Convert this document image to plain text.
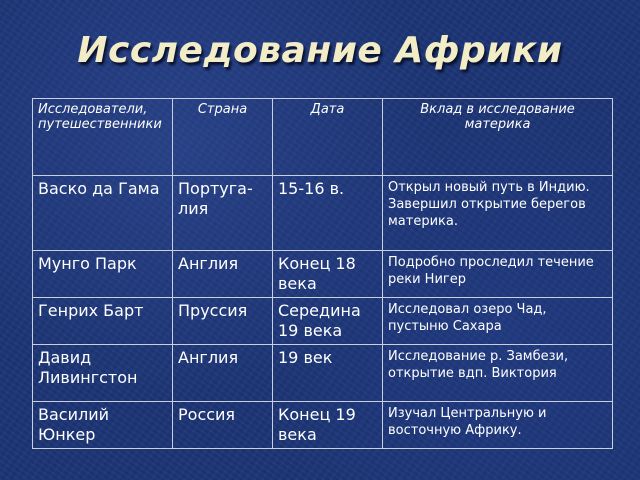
Исследование Африки
Исследователи, путешественники	Страна	Дата	Вклад в исследование материка
Васко да Гама	Португа-лия	15-16 в.	Открыл новый путь в Индию. Завершил открытие берегов материка.
Мунго Парк	Англия	Конец 18 века	Подробно проследил течение реки Нигер
Генрих Барт	Пруссия	Середина 19 века	Исследовал озеро Чад, пустыню Сахара
Давид Ливингстон	Англия	19 век	Исследование р. Замбези, открытие вдп. Виктория
Василий Юнкер	Россия	Конец 19 века	Изучал Центральную и восточную Африку.
